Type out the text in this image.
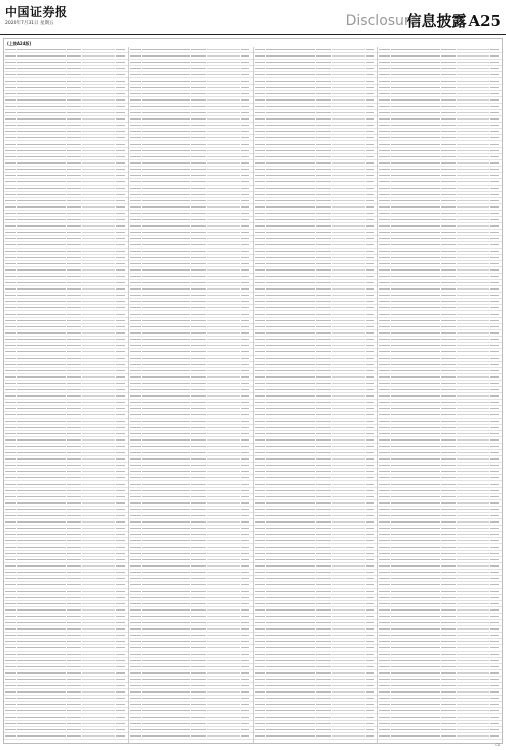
中国证券报
2020年7月31日 星期五	Disclosure
信息披露 A25
(上接A24版)
CS
